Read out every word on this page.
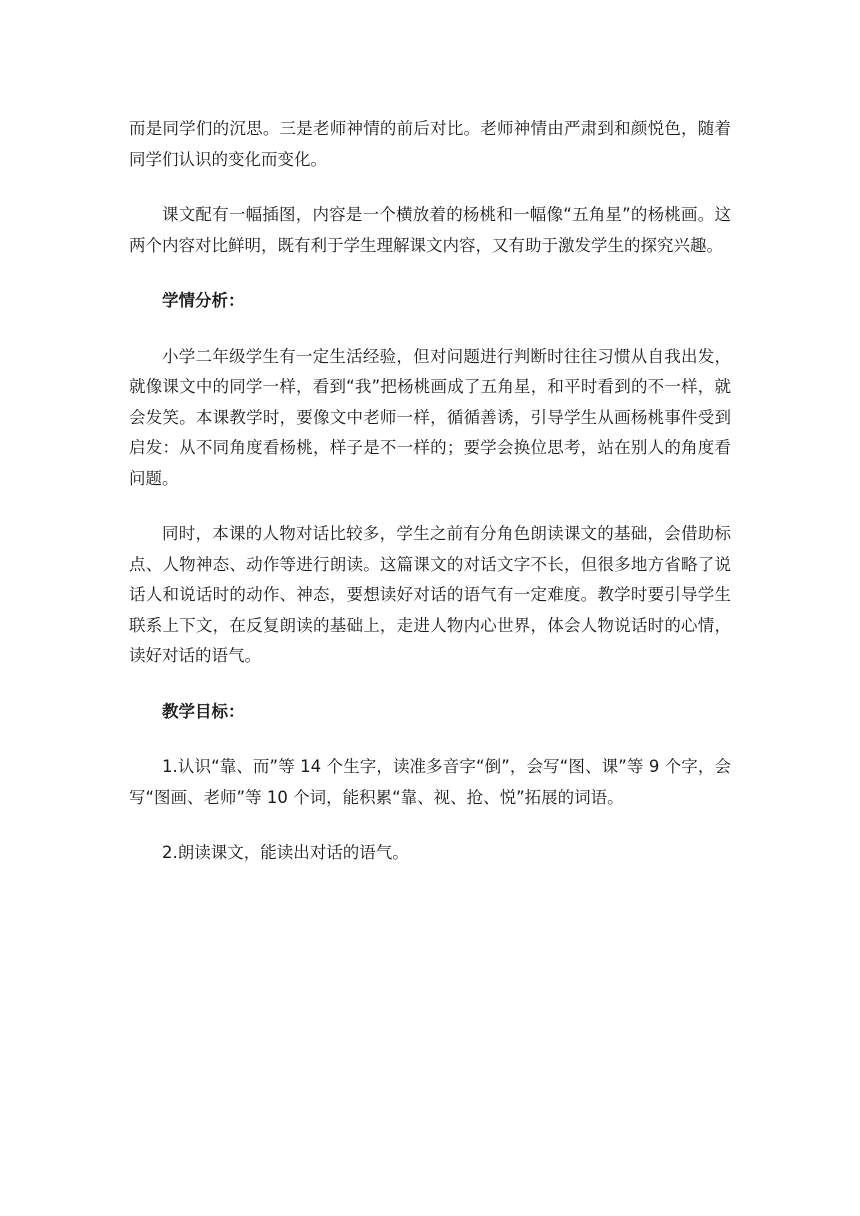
而是同学们的沉思。三是老师神情的前后对比。老师神情由严肃到和颜悦色，随着同学们认识的变化而变化。

课文配有一幅插图，内容是一个横放着的杨桃和一幅像“五角星”的杨桃画。这两个内容对比鲜明，既有利于学生理解课文内容，又有助于激发学生的探究兴趣。

学情分析：

小学二年级学生有一定生活经验，但对问题进行判断时往往习惯从自我出发，就像课文中的同学一样，看到“我”把杨桃画成了五角星，和平时看到的不一样，就会发笑。本课教学时，要像文中老师一样，循循善诱，引导学生从画杨桃事件受到启发：从不同角度看杨桃，样子是不一样的；要学会换位思考，站在别人的角度看问题。

同时，本课的人物对话比较多，学生之前有分角色朗读课文的基础，会借助标点、人物神态、动作等进行朗读。这篇课文的对话文字不长，但很多地方省略了说话人和说话时的动作、神态，要想读好对话的语气有一定难度。教学时要引导学生联系上下文，在反复朗读的基础上，走进人物内心世界，体会人物说话时的心情，读好对话的语气。

教学目标：

1.认识“靠、而”等 14 个生字，读准多音字“倒”，会写“图、课”等 9 个字，会写“图画、老师”等 10 个词，能积累“靠、视、抢、悦”拓展的词语。

2.朗读课文，能读出对话的语气。
